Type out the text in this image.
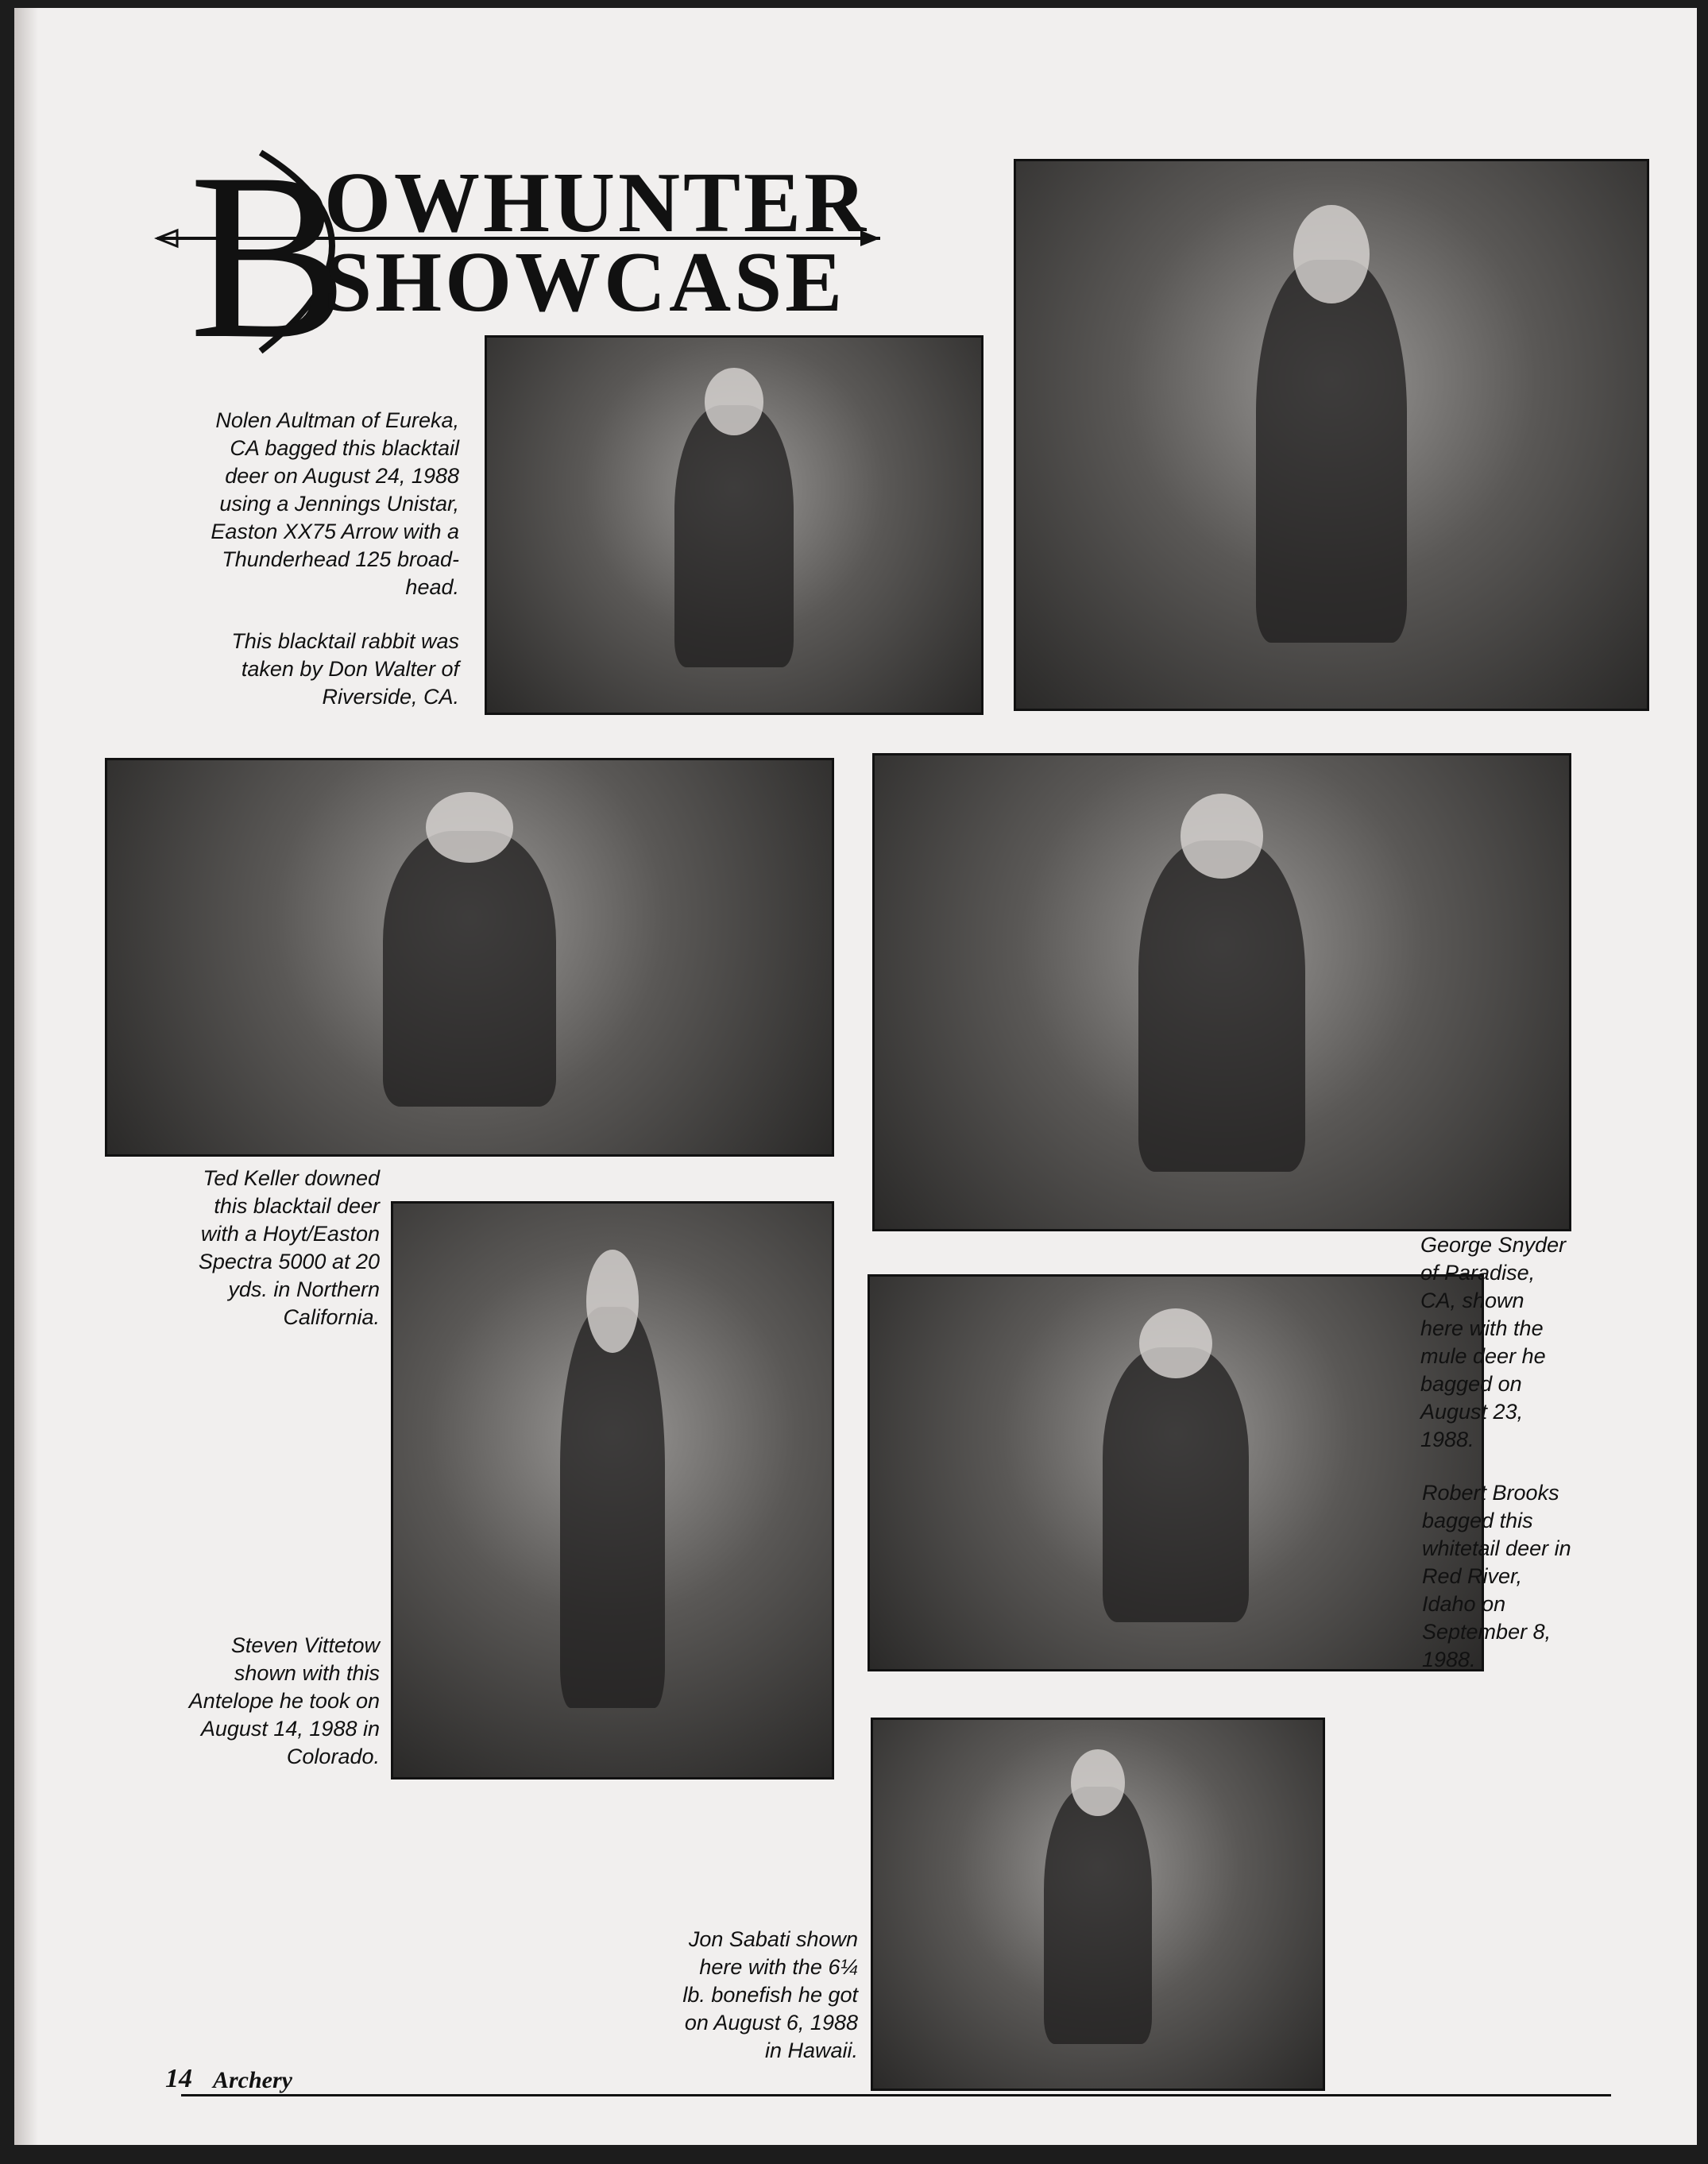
B
OWHUNTER
SHOWCASE
Nolen Aultman of Eureka,
CA bagged this blacktail
deer on August 24, 1988
using a Jennings Unistar,
Easton XX75 Arrow with a
Thunderhead 125 broad-
head.
This blacktail rabbit was
taken by Don Walter of
Riverside, CA.
Ted Keller downed
this blacktail deer
with a Hoyt/Easton
Spectra 5000 at 20
yds. in Northern
California.
Steven Vittetow
shown with this
Antelope he took on
August 14, 1988 in
Colorado.
George Snyder
of Paradise,
CA, shown
here with the
mule deer he
bagged on
August 23,
1988.
Robert Brooks
bagged this
whitetail deer in
Red River,
Idaho on
September 8,
1988.
Jon Sabati shown
here with the 6¼
lb. bonefish he got
on August 6, 1988
in Hawaii.
14 Archery
